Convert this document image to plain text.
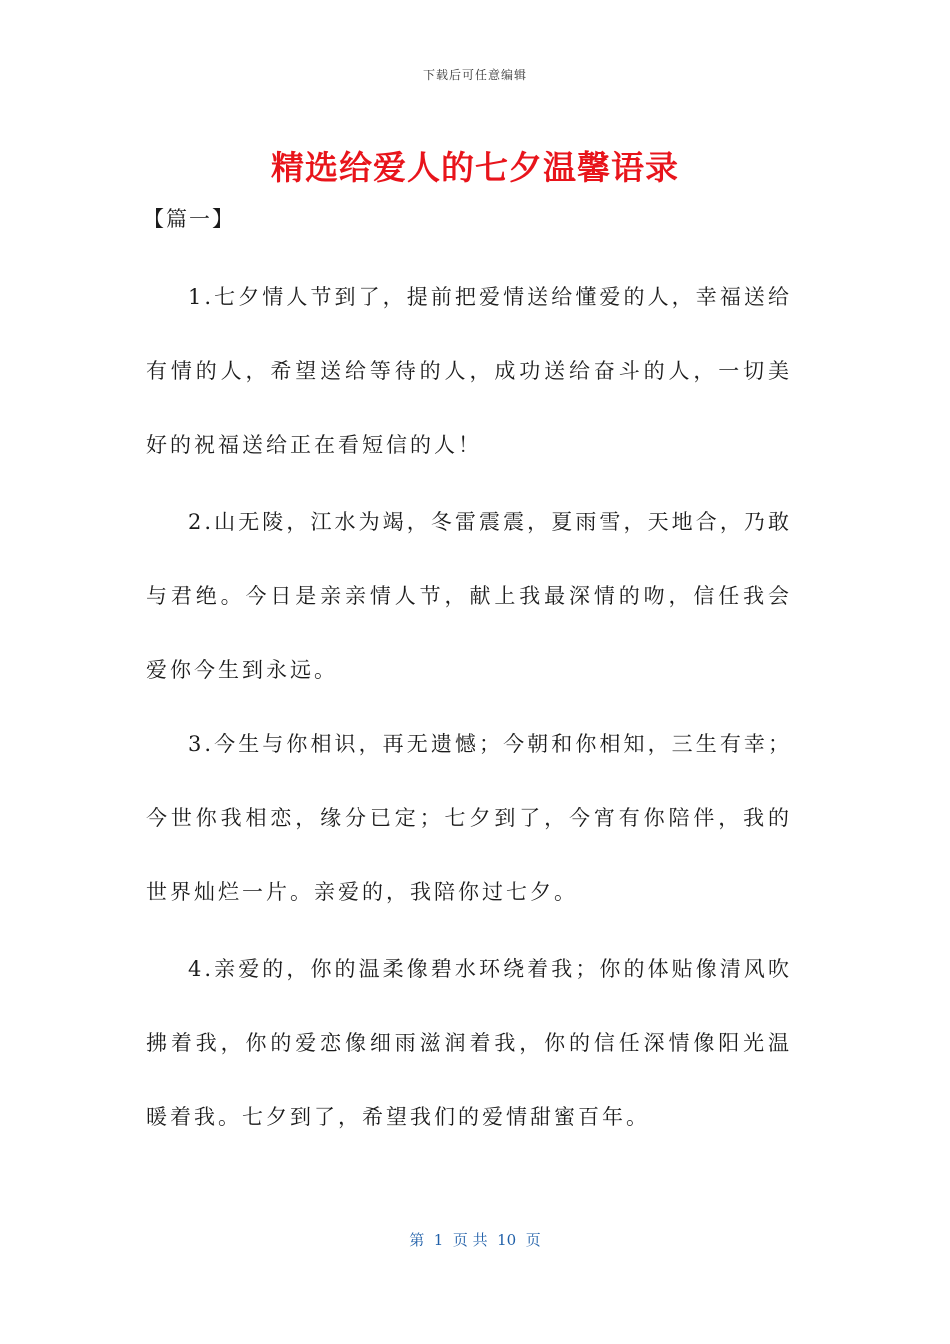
下载后可任意编辑
精选给爱人的七夕温馨语录
【篇一】
1.七夕情人节到了，提前把爱情送给懂爱的人，幸福送给有情的人，希望送给等待的人，成功送给奋斗的人，一切美好的祝福送给正在看短信的人！
2.山无陵，江水为竭，冬雷震震，夏雨雪，天地合，乃敢与君绝。今日是亲亲情人节，献上我最深情的吻，信任我会爱你今生到永远。
3.今生与你相识，再无遗憾；今朝和你相知，三生有幸；今世你我相恋，缘分已定；七夕到了，今宵有你陪伴，我的世界灿烂一片。亲爱的，我陪你过七夕。
4.亲爱的，你的温柔像碧水环绕着我；你的体贴像清风吹拂着我，你的爱恋像细雨滋润着我，你的信任深情像阳光温暖着我。七夕到了，希望我们的爱情甜蜜百年。
第  1  页 共  10  页
